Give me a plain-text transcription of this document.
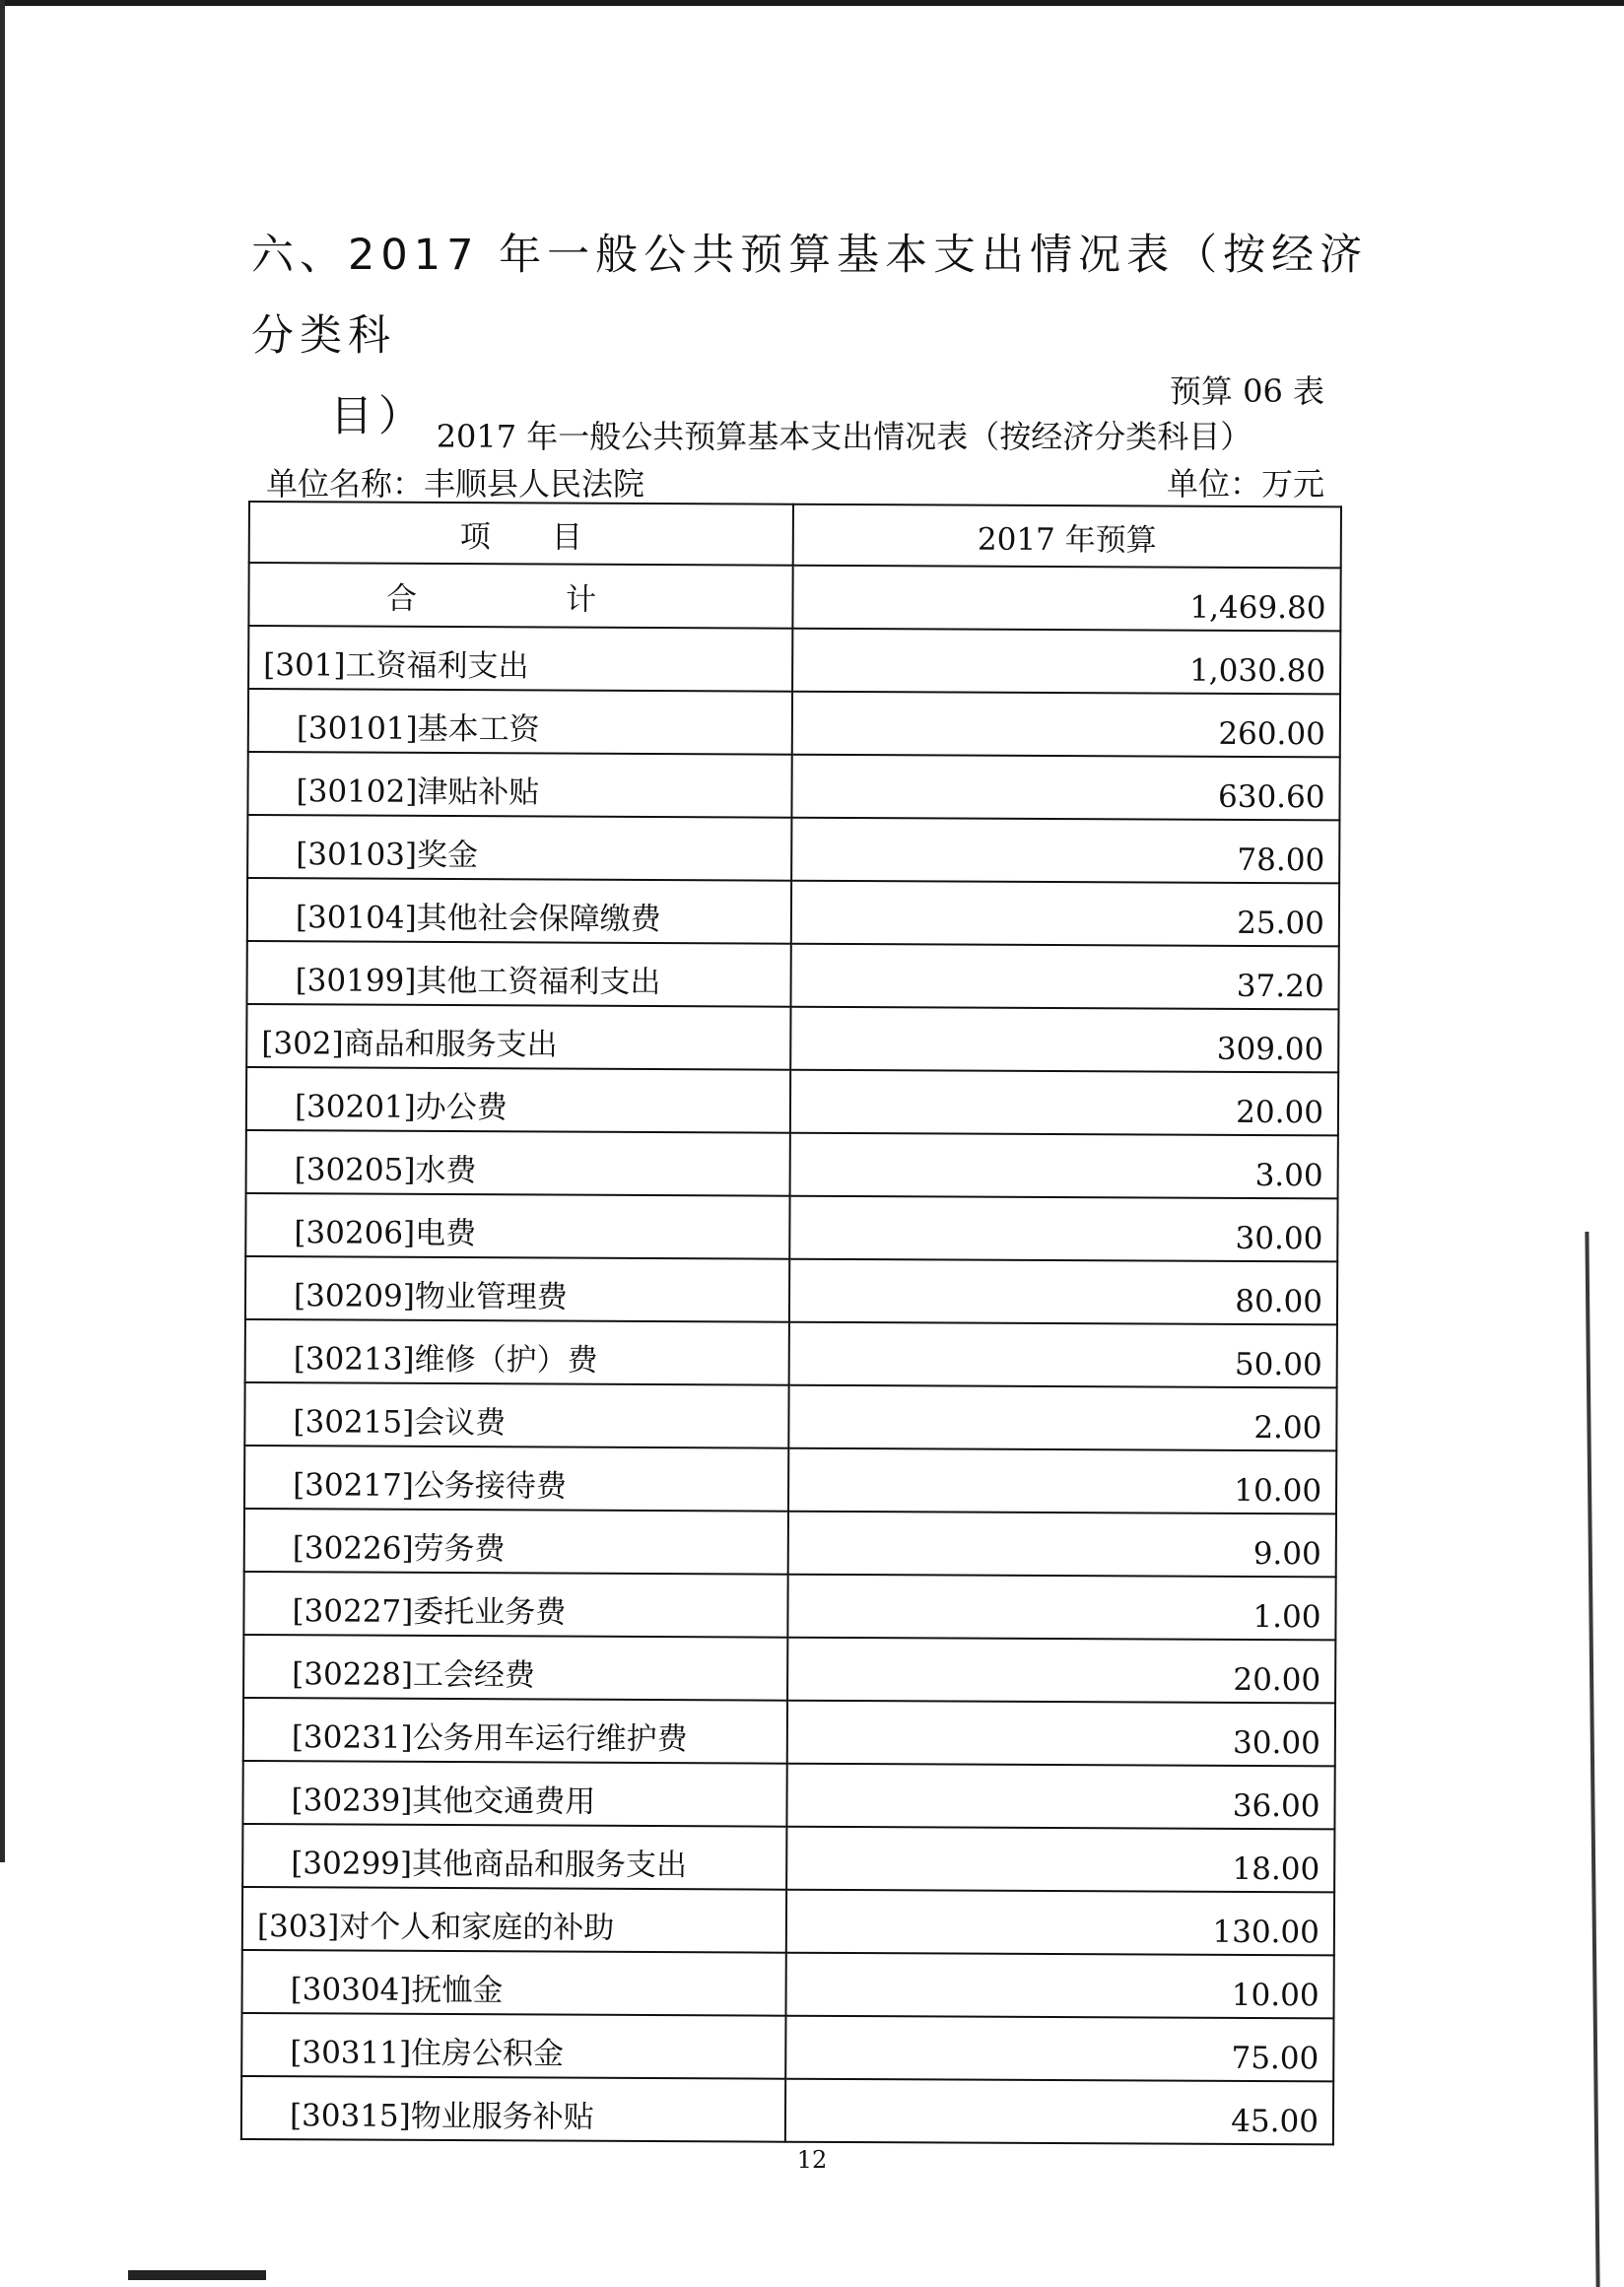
六、2017 年一般公共预算基本支出情况表（按经济分类科
目）
预算 06 表
2017 年一般公共预算基本支出情况表（按经济分类科目）
单位名称：丰顺县人民法院	单位：万元
项　　目	2017 年预算
合　计	1,469.80
[301]工资福利支出	1,030.80
[30101]基本工资	260.00
[30102]津贴补贴	630.60
[30103]奖金	78.00
[30104]其他社会保障缴费	25.00
[30199]其他工资福利支出	37.20
[302]商品和服务支出	309.00
[30201]办公费	20.00
[30205]水费	3.00
[30206]电费	30.00
[30209]物业管理费	80.00
[30213]维修（护）费	50.00
[30215]会议费	2.00
[30217]公务接待费	10.00
[30226]劳务费	9.00
[30227]委托业务费	1.00
[30228]工会经费	20.00
[30231]公务用车运行维护费	30.00
[30239]其他交通费用	36.00
[30299]其他商品和服务支出	18.00
[303]对个人和家庭的补助	130.00
[30304]抚恤金	10.00
[30311]住房公积金	75.00
[30315]物业服务补贴	45.00
12
